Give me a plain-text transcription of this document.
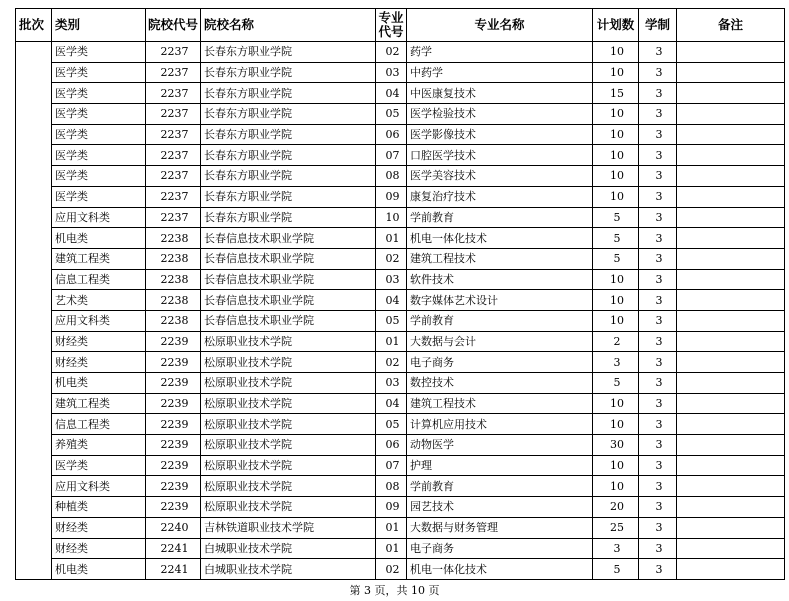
批次	类别	院校代号	院校名称	专业
代号	专业名称	计划数	学制	备注
	医学类	2237	长春东方职业学院	02	药学	10	3	
	医学类	2237	长春东方职业学院	03	中药学	10	3	
	医学类	2237	长春东方职业学院	04	中医康复技术	15	3	
	医学类	2237	长春东方职业学院	05	医学检验技术	10	3	
	医学类	2237	长春东方职业学院	06	医学影像技术	10	3	
	医学类	2237	长春东方职业学院	07	口腔医学技术	10	3	
	医学类	2237	长春东方职业学院	08	医学美容技术	10	3	
	医学类	2237	长春东方职业学院	09	康复治疗技术	10	3	
	应用文科类	2237	长春东方职业学院	10	学前教育	5	3	
	机电类	2238	长春信息技术职业学院	01	机电一体化技术	5	3	
	建筑工程类	2238	长春信息技术职业学院	02	建筑工程技术	5	3	
	信息工程类	2238	长春信息技术职业学院	03	软件技术	10	3	
	艺术类	2238	长春信息技术职业学院	04	数字媒体艺术设计	10	3	
	应用文科类	2238	长春信息技术职业学院	05	学前教育	10	3	
	财经类	2239	松原职业技术学院	01	大数据与会计	2	3	
	财经类	2239	松原职业技术学院	02	电子商务	3	3	
	机电类	2239	松原职业技术学院	03	数控技术	5	3	
	建筑工程类	2239	松原职业技术学院	04	建筑工程技术	10	3	
	信息工程类	2239	松原职业技术学院	05	计算机应用技术	10	3	
	养殖类	2239	松原职业技术学院	06	动物医学	30	3	
	医学类	2239	松原职业技术学院	07	护理	10	3	
	应用文科类	2239	松原职业技术学院	08	学前教育	10	3	
	种植类	2239	松原职业技术学院	09	园艺技术	20	3	
	财经类	2240	吉林铁道职业技术学院	01	大数据与财务管理	25	3	
	财经类	2241	白城职业技术学院	01	电子商务	3	3	
	机电类	2241	白城职业技术学院	02	机电一体化技术	5	3	
第 3 页，共 10 页
